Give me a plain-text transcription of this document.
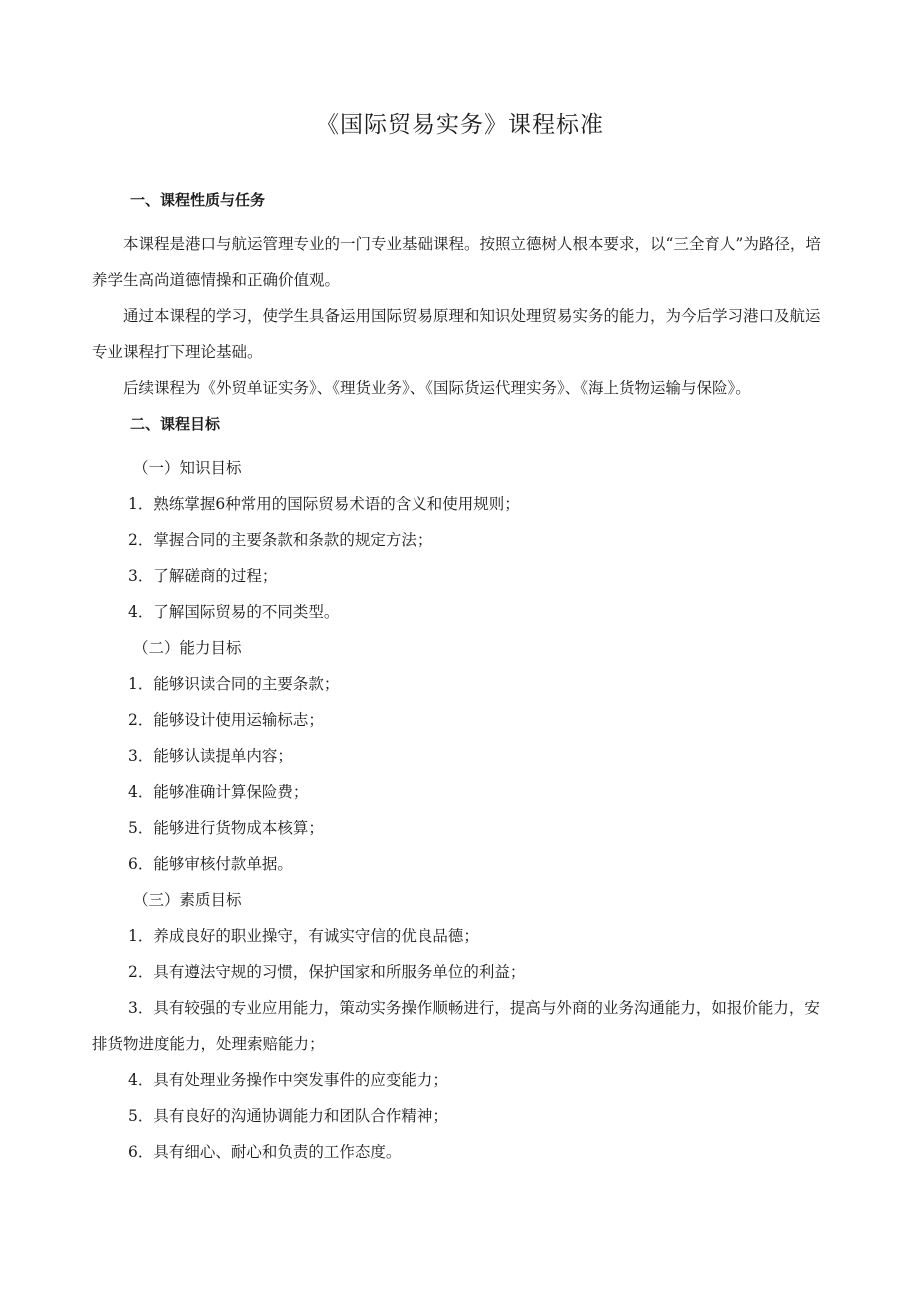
《国际贸易实务》课程标准
一、课程性质与任务

本课程是港口与航运管理专业的一门专业基础课程。按照立德树人根本要求，以“三全育人”为路径，培养学生高尚道德情操和正确价值观。

通过本课程的学习，使学生具备运用国际贸易原理和知识处理贸易实务的能力，为今后学习港口及航运专业课程打下理论基础。

后续课程为《外贸单证实务》、《理货业务》、《国际货运代理实务》、《海上货物运输与保险》。

二、课程目标

（一）知识目标

1．熟练掌握6种常用的国际贸易术语的含义和使用规则；

2．掌握合同的主要条款和条款的规定方法；

3．了解磋商的过程；

4．了解国际贸易的不同类型。

（二）能力目标

1．能够识读合同的主要条款；

2．能够设计使用运输标志；

3．能够认读提单内容；

4．能够准确计算保险费；

5．能够进行货物成本核算；

6．能够审核付款单据。

（三）素质目标

1．养成良好的职业操守，有诚实守信的优良品德；

2．具有遵法守规的习惯，保护国家和所服务单位的利益；

3．具有较强的专业应用能力，策动实务操作顺畅进行，提高与外商的业务沟通能力，如报价能力，安排货物进度能力，处理索赔能力；

4．具有处理业务操作中突发事件的应变能力；

5．具有良好的沟通协调能力和团队合作精神；

6．具有细心、耐心和负责的工作态度。
